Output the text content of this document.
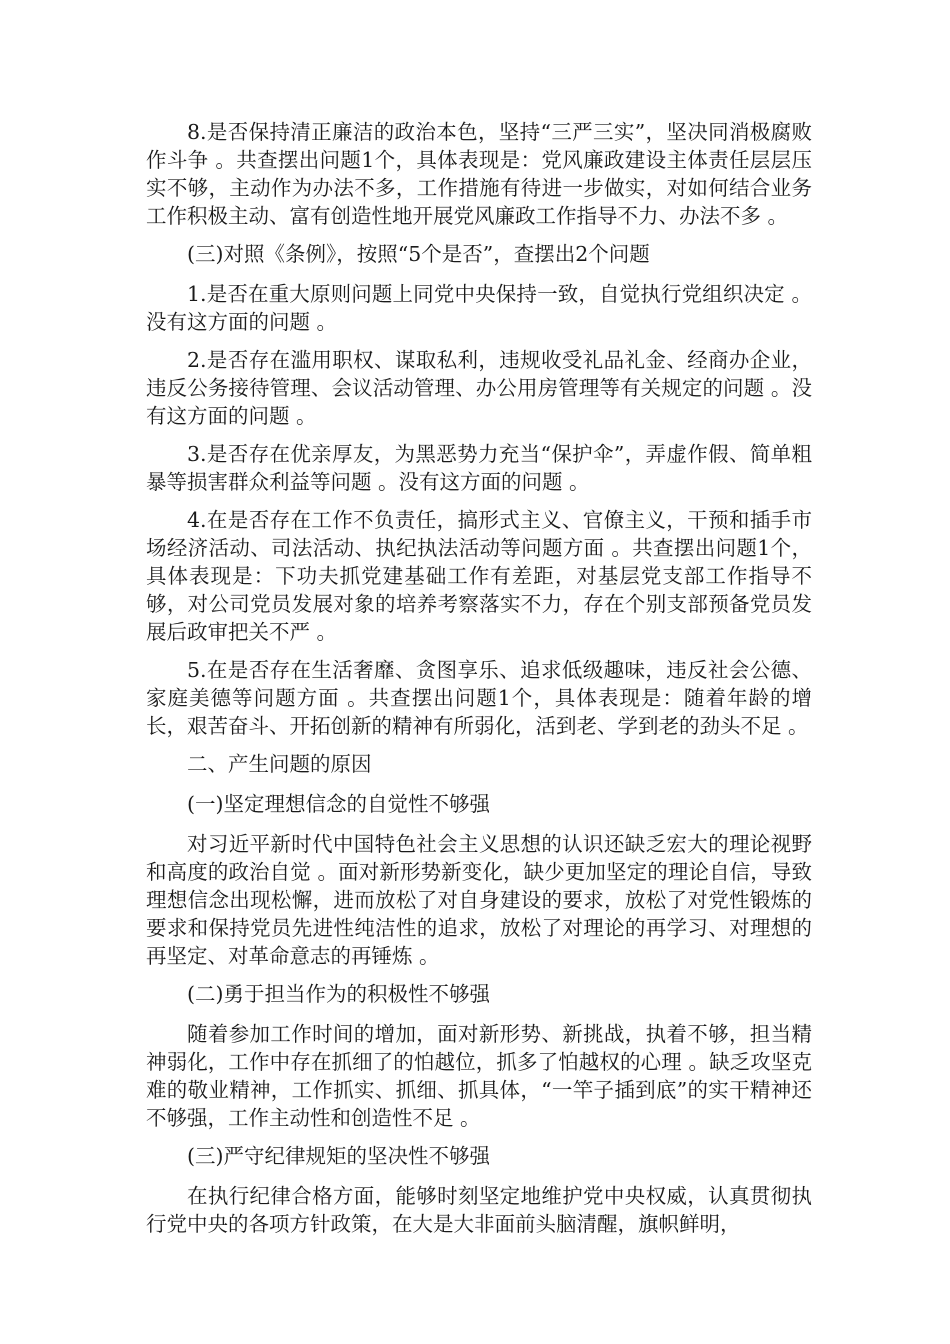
8.是否保持清正廉洁的政治本色，坚持“三严三实”，坚决同消极腐败作斗争 。共查摆出问题1个，具体表现是：党风廉政建设主体责任层层压实不够，主动作为办法不多，工作措施有待进一步做实，对如何结合业务工作积极主动、富有创造性地开展党风廉政工作指导不力、办法不多 。

(三)对照《条例》，按照“5个是否”，查摆出2个问题

1.是否在重大原则问题上同党中央保持一致，自觉执行党组织决定 。没有这方面的问题 。

2.是否存在滥用职权、谋取私利，违规收受礼品礼金、经商办企业，违反公务接待管理、会议活动管理、办公用房管理等有关规定的问题 。没有这方面的问题 。

3.是否存在优亲厚友，为黑恶势力充当“保护伞”，弄虚作假、简单粗暴等损害群众利益等问题 。没有这方面的问题 。

4.在是否存在工作不负责任，搞形式主义、官僚主义，干预和插手市场经济活动、司法活动、执纪执法活动等问题方面 。共查摆出问题1个，具体表现是：下功夫抓党建基础工作有差距，对基层党支部工作指导不够，对公司党员发展对象的培养考察落实不力，存在个别支部预备党员发展后政审把关不严 。

5.在是否存在生活奢靡、贪图享乐、追求低级趣味，违反社会公德、家庭美德等问题方面 。共查摆出问题1个，具体表现是：随着年龄的增长，艰苦奋斗、开拓创新的精神有所弱化，活到老、学到老的劲头不足 。

二、产生问题的原因

(一)坚定理想信念的自觉性不够强

对习近平新时代中国特色社会主义思想的认识还缺乏宏大的理论视野和高度的政治自觉 。面对新形势新变化，缺少更加坚定的理论自信，导致理想信念出现松懈，进而放松了对自身建设的要求，放松了对党性锻炼的要求和保持党员先进性纯洁性的追求，放松了对理论的再学习、对理想的再坚定、对革命意志的再锤炼 。

(二)勇于担当作为的积极性不够强

随着参加工作时间的增加，面对新形势、新挑战，执着不够，担当精神弱化，工作中存在抓细了的怕越位，抓多了怕越权的心理 。缺乏攻坚克难的敬业精神，工作抓实、抓细、抓具体，“一竿子插到底”的实干精神还不够强，工作主动性和创造性不足 。

(三)严守纪律规矩的坚决性不够强

在执行纪律合格方面，能够时刻坚定地维护党中央权威，认真贯彻执行党中央的各项方针政策，在大是大非面前头脑清醒，旗帜鲜明，
